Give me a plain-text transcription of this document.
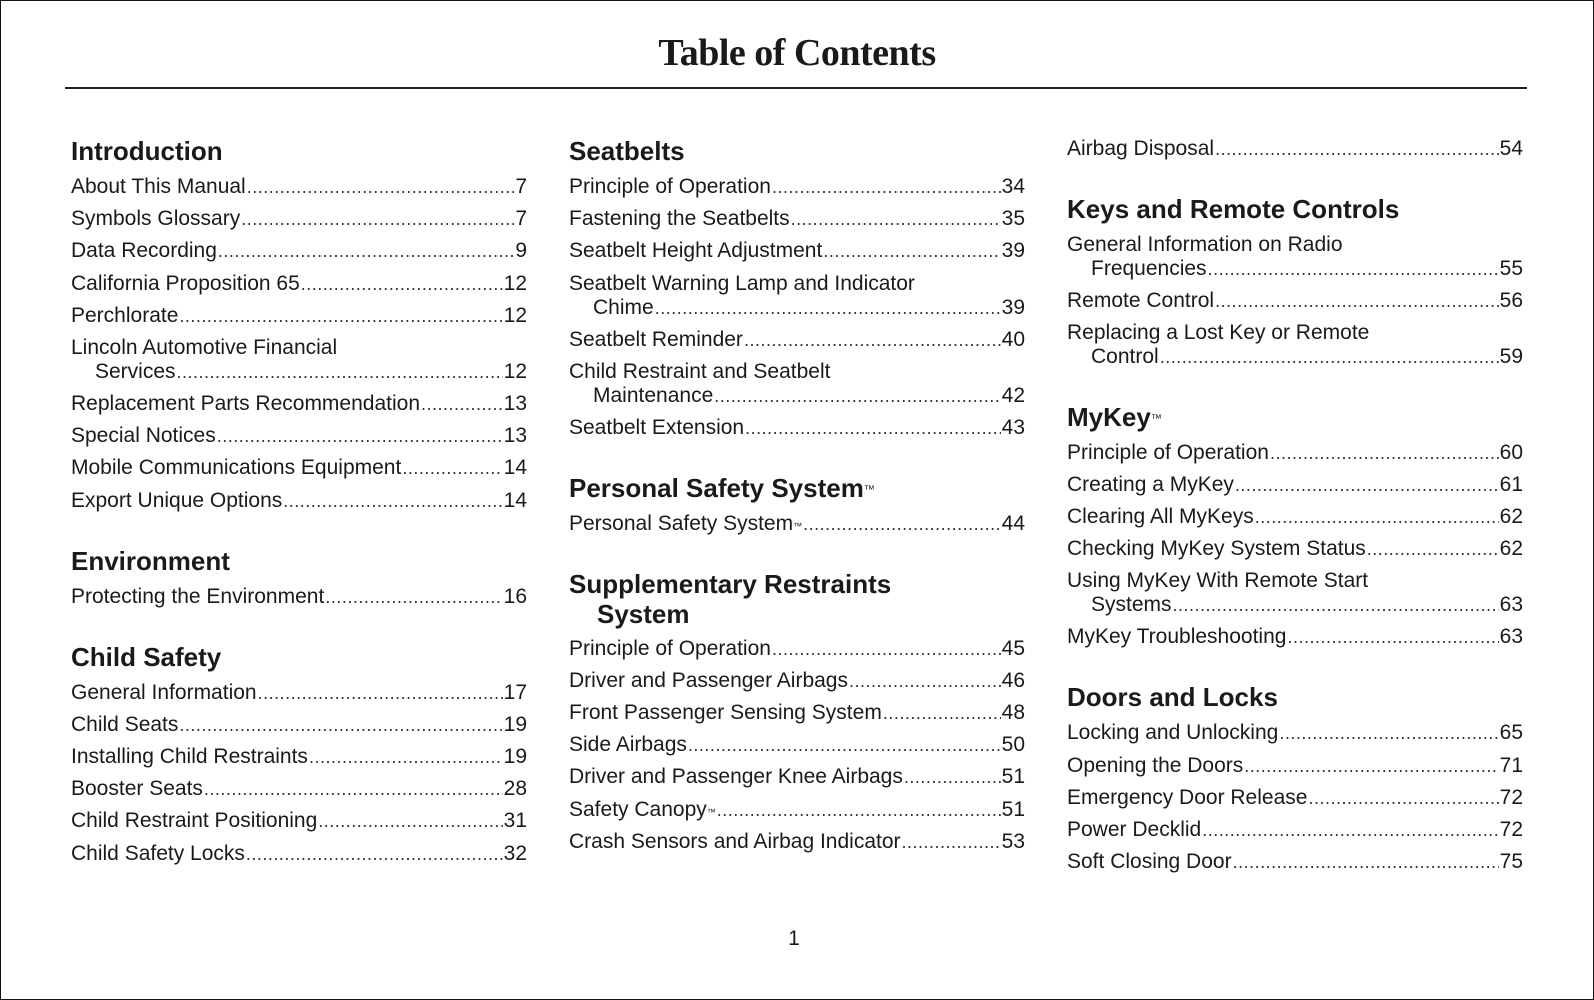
Table of Contents
Introduction
About This Manual .....	7
Symbols Glossary .....	7
Data Recording .....	9
California Proposition 65 .....	12
Perchlorate .....	12
Lincoln Automotive Financial
Services .....	12
Replacement Parts Recommendation .....	13
Special Notices .....	13
Mobile Communications Equipment .....	14
Export Unique Options .....	14
Environment
Protecting the Environment .....	16
Child Safety
General Information .....	17
Child Seats .....	19
Installing Child Restraints .....	19
Booster Seats .....	28
Child Restraint Positioning .....	31
Child Safety Locks .....	32
Seatbelts
Principle of Operation .....	34
Fastening the Seatbelts .....	35
Seatbelt Height Adjustment .....	39
Seatbelt Warning Lamp and Indicator
Chime .....	39
Seatbelt Reminder .....	40
Child Restraint and Seatbelt
Maintenance .....	42
Seatbelt Extension .....	43
Personal Safety System™
Personal Safety System ™ .....	44
Supplementary Restraints
System
Principle of Operation .....	45
Driver and Passenger Airbags .....	46
Front Passenger Sensing System .....	48
Side Airbags .....	50
Driver and Passenger Knee Airbags .....	51
Safety Canopy ™ .....	51
Crash Sensors and Airbag Indicator .....	53
Airbag Disposal .....	54
Keys and Remote Controls
General Information on Radio
Frequencies .....	55
Remote Control .....	56
Replacing a Lost Key or Remote
Control .....	59
MyKey™
Principle of Operation .....	60
Creating a MyKey .....	61
Clearing All MyKeys .....	62
Checking MyKey System Status .....	62
Using MyKey With Remote Start
Systems .....	63
MyKey Troubleshooting .....	63
Doors and Locks
Locking and Unlocking .....	65
Opening the Doors .....	71
Emergency Door Release .....	72
Power Decklid .....	72
Soft Closing Door .....	75
1
